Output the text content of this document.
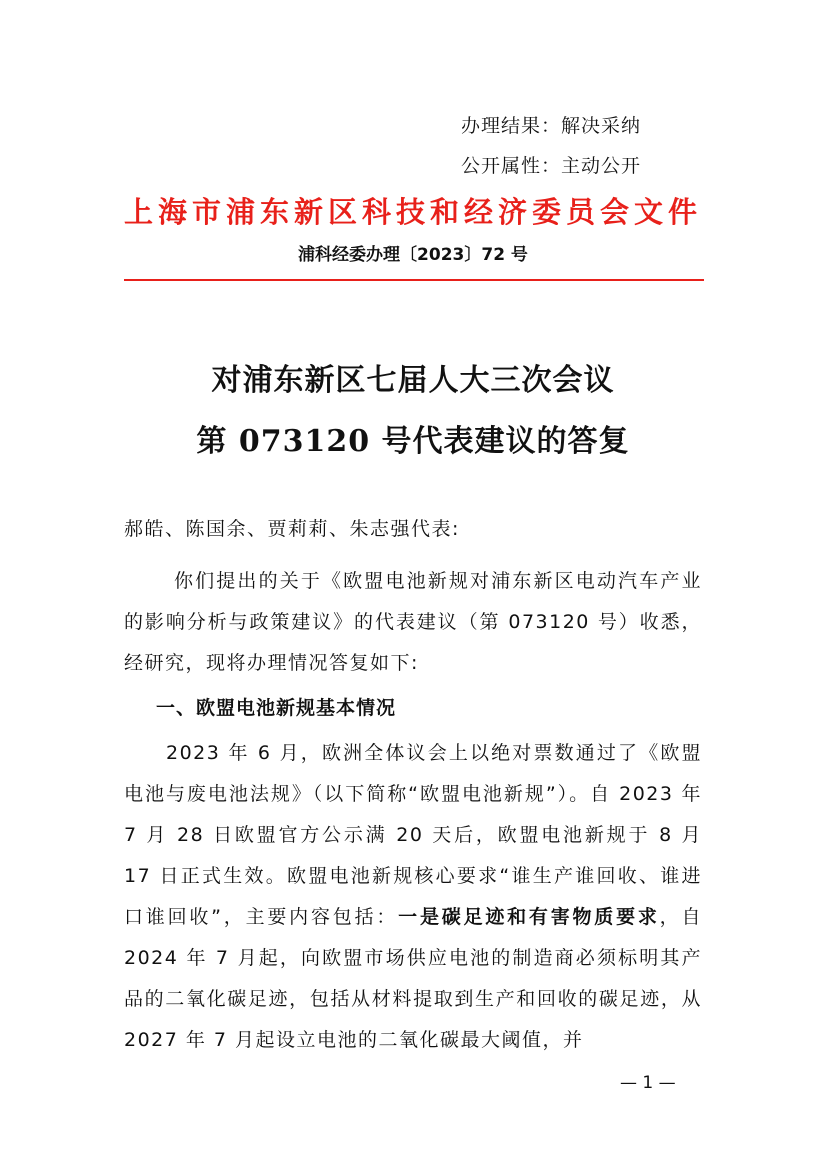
办理结果：解决采纳
公开属性：主动公开
上海市浦东新区科技和经济委员会文件
浦科经委办理〔2023〕72 号
对浦东新区七届人大三次会议
第 073120 号代表建议的答复
郝皓、陈国余、贾莉莉、朱志强代表:
你们提出的关于《欧盟电池新规对浦东新区电动汽车产业的影响分析与政策建议》的代表建议（第 073120 号）收悉，经研究，现将办理情况答复如下:
一、欧盟电池新规基本情况
2023 年 6 月，欧洲全体议会上以绝对票数通过了《欧盟电池与废电池法规》（以下简称“欧盟电池新规”）。自 2023 年 7 月 28 日欧盟官方公示满 20 天后，欧盟电池新规于 8 月 17 日正式生效。欧盟电池新规核心要求“谁生产谁回收、谁进口谁回收”，主要内容包括：一是碳足迹和有害物质要求，自 2024 年 7 月起，向欧盟市场供应电池的制造商必须标明其产品的二氧化碳足迹，包括从材料提取到生产和回收的碳足迹，从 2027 年 7 月起设立电池的二氧化碳最大阈值，并
— 1 —
